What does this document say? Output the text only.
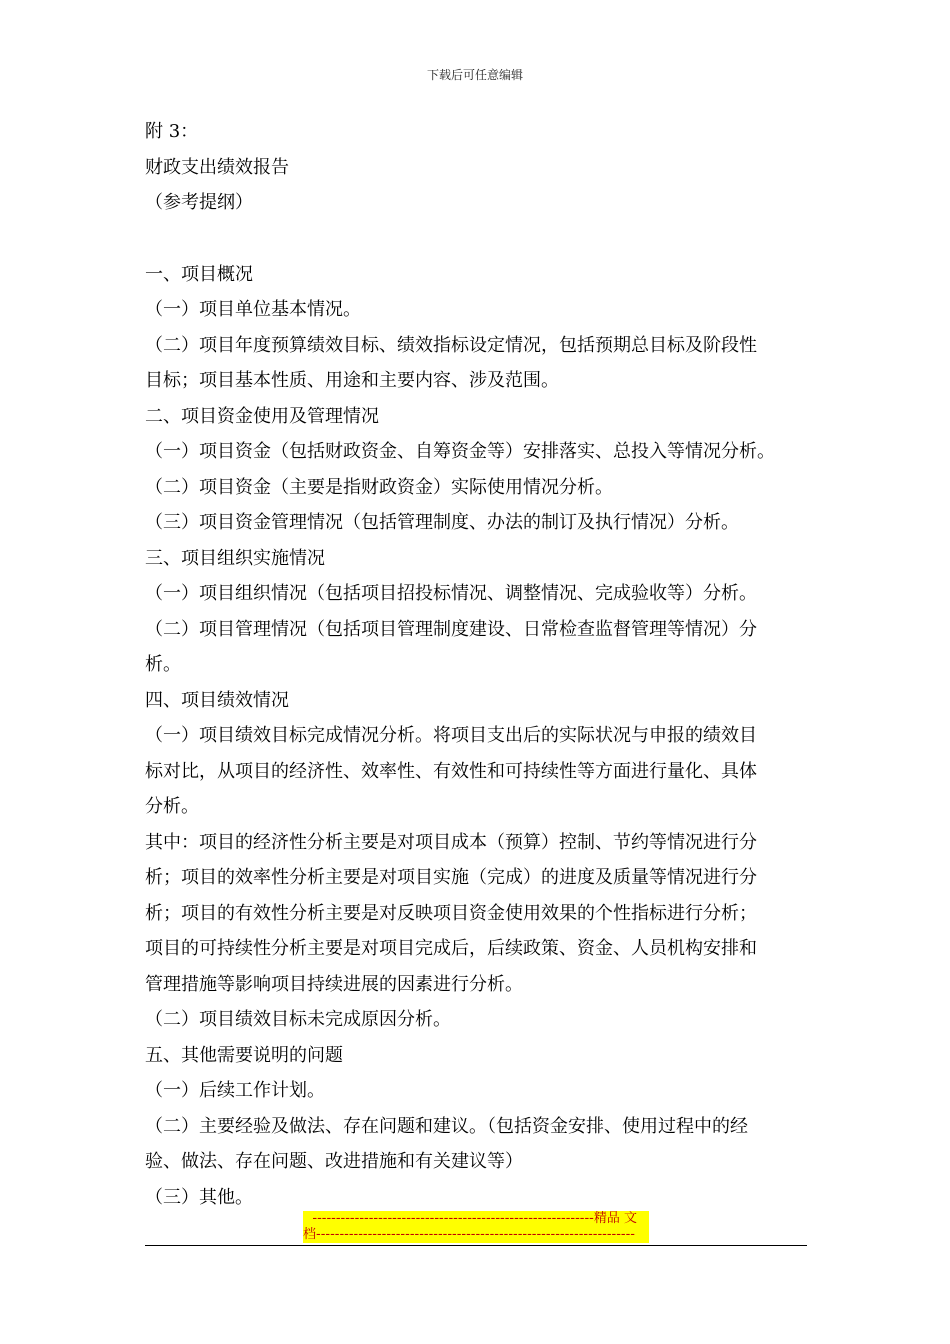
下载后可任意编辑
附 3：
财政支出绩效报告
（参考提纲）
一、项目概况
（一）项目单位基本情况。
（二）项目年度预算绩效目标、绩效指标设定情况，包括预期总目标及阶段性
目标；项目基本性质、用途和主要内容、涉及范围。
二、项目资金使用及管理情况
（一）项目资金（包括财政资金、自筹资金等）安排落实、总投入等情况分析。
（二）项目资金（主要是指财政资金）实际使用情况分析。
（三）项目资金管理情况（包括管理制度、办法的制订及执行情况）分析。
三、项目组织实施情况
（一）项目组织情况（包括项目招投标情况、调整情况、完成验收等）分析。
（二）项目管理情况（包括项目管理制度建设、日常检查监督管理等情况）分
析。
四、项目绩效情况
（一）项目绩效目标完成情况分析。将项目支出后的实际状况与申报的绩效目
标对比，从项目的经济性、效率性、有效性和可持续性等方面进行量化、具体
分析。
其中：项目的经济性分析主要是对项目成本（预算）控制、节约等情况进行分
析；项目的效率性分析主要是对项目实施（完成）的进度及质量等情况进行分
析；项目的有效性分析主要是对反映项目资金使用效果的个性指标进行分析；
项目的可持续性分析主要是对项目完成后，后续政策、资金、人员机构安排和
管理措施等影响项目持续进展的因素进行分析。
（二）项目绩效目标未完成原因分析。
五、其他需要说明的问题
（一）后续工作计划。
（二）主要经验及做法、存在问题和建议。（包括资金安排、使用过程中的经
验、做法、存在问题、改进措施和有关建议等）
（三）其他。
------------------------------------------------------------精品 文
档--------------------------------------------------------------------
